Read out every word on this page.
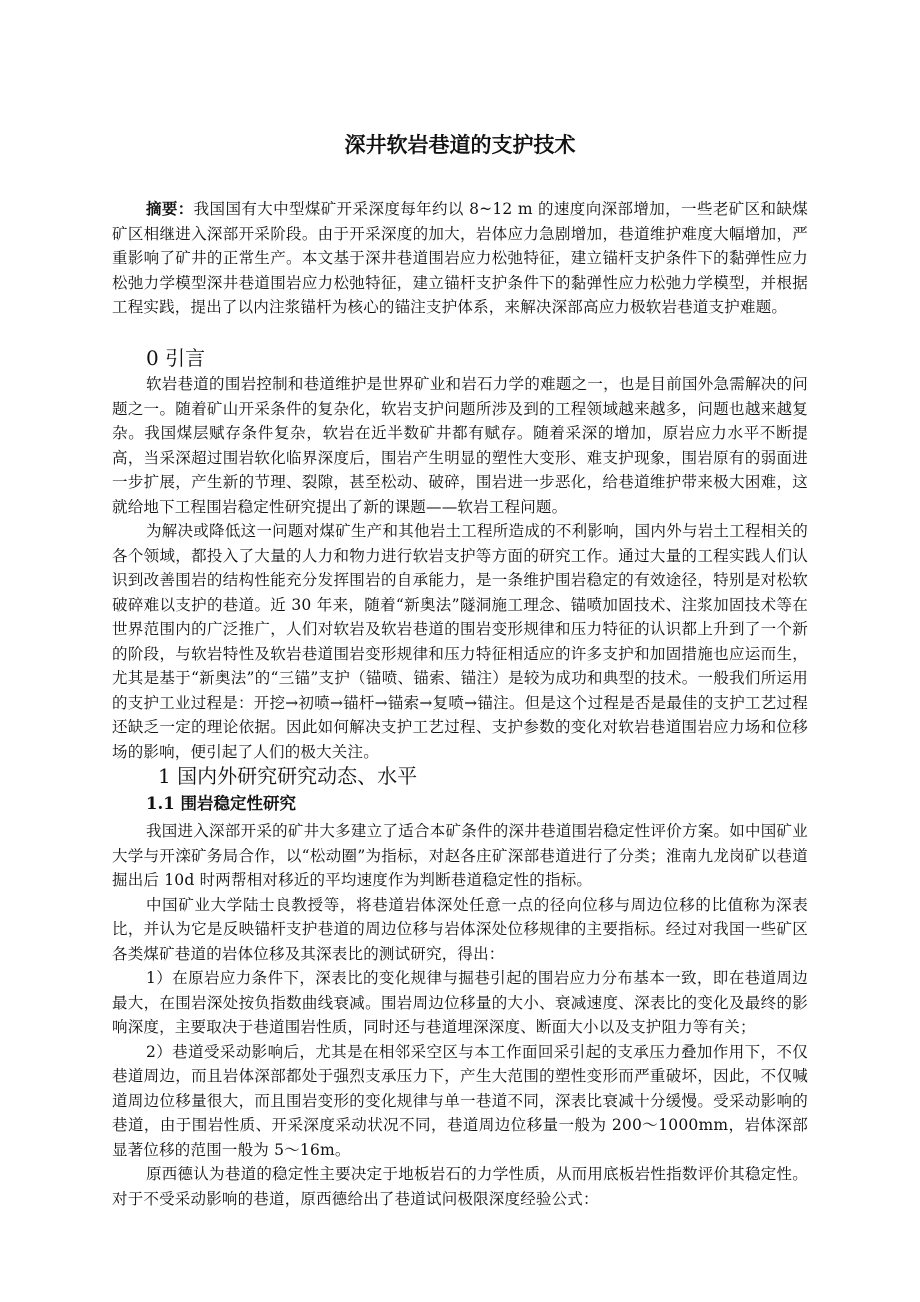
深井软岩巷道的支护技术
摘要：我国国有大中型煤矿开采深度每年约以 8~12 m 的速度向深部增加，一些老矿区和缺煤矿区相继进入深部开采阶段。由于开采深度的加大，岩体应力急剧增加，巷道维护难度大幅增加，严重影响了矿井的正常生产。本文基于深井巷道围岩应力松弛特征，建立锚杆支护条件下的黏弹性应力松弛力学模型深井巷道围岩应力松弛特征，建立锚杆支护条件下的黏弹性应力松弛力学模型，并根据工程实践，提出了以内注浆锚杆为核心的锚注支护体系，来解决深部高应力极软岩巷道支护难题。
0 引言

软岩巷道的围岩控制和巷道维护是世界矿业和岩石力学的难题之一，也是目前国外急需解决的问题之一。随着矿山开采条件的复杂化，软岩支护问题所涉及到的工程领域越来越多，问题也越来越复杂。我国煤层赋存条件复杂，软岩在近半数矿井都有赋存。随着采深的增加，原岩应力水平不断提高，当采深超过围岩软化临界深度后，围岩产生明显的塑性大变形、难支护现象，围岩原有的弱面进一步扩展，产生新的节理、裂隙，甚至松动、破碎，围岩进一步恶化，给巷道维护带来极大困难，这就给地下工程围岩稳定性研究提出了新的课题——软岩工程问题。

为解决或降低这一问题对煤矿生产和其他岩土工程所造成的不利影响，国内外与岩土工程相关的各个领域，都投入了大量的人力和物力进行软岩支护等方面的研究工作。通过大量的工程实践人们认识到改善围岩的结构性能充分发挥围岩的自承能力，是一条维护围岩稳定的有效途径，特别是对松软破碎难以支护的巷道。近 30 年来，随着“新奥法”隧洞施工理念、锚喷加固技术、注浆加固技术等在世界范围内的广泛推广，人们对软岩及软岩巷道的围岩变形规律和压力特征的认识都上升到了一个新的阶段，与软岩特性及软岩巷道围岩变形规律和压力特征相适应的许多支护和加固措施也应运而生，尤其是基于“新奥法”的“三锚”支护（锚喷、锚索、锚注）是较为成功和典型的技术。一般我们所运用的支护工业过程是：开挖→初喷→锚杆→锚索→复喷→锚注。但是这个过程是否是最佳的支护工艺过程还缺乏一定的理论依据。因此如何解决支护工艺过程、支护参数的变化对软岩巷道围岩应力场和位移场的影响，便引起了人们的极大关注。

1 国内外研究研究动态、水平
1.1 围岩稳定性研究

我国进入深部开采的矿井大多建立了适合本矿条件的深井巷道围岩稳定性评价方案。如中国矿业大学与开滦矿务局合作，以“松动圈”为指标，对赵各庄矿深部巷道进行了分类；淮南九龙岗矿以巷道掘出后 10d 时两帮相对移近的平均速度作为判断巷道稳定性的指标。

中国矿业大学陆士良教授等，将巷道岩体深处任意一点的径向位移与周边位移的比值称为深表比，并认为它是反映锚杆支护巷道的周边位移与岩体深处位移规律的主要指标。经过对我国一些矿区各类煤矿巷道的岩体位移及其深表比的测试研究，得出：

1）在原岩应力条件下，深表比的变化规律与掘巷引起的围岩应力分布基本一致，即在巷道周边最大，在围岩深处按负指数曲线衰减。围岩周边位移量的大小、衰减速度、深表比的变化及最终的影响深度，主要取决于巷道围岩性质，同时还与巷道埋深深度、断面大小以及支护阻力等有关；

2）巷道受采动影响后，尤其是在相邻采空区与本工作面回采引起的支承压力叠加作用下，不仅巷道周边，而且岩体深部都处于强烈支承压力下，产生大范围的塑性变形而严重破坏，因此，不仅喊道周边位移量很大，而且围岩变形的变化规律与单一巷道不同，深表比衰减十分缓慢。受采动影响的巷道，由于围岩性质、开采深度采动状况不同，巷道周边位移量一般为 200～1000mm，岩体深部显著位移的范围一般为 5～16m。

原西德认为巷道的稳定性主要决定于地板岩石的力学性质，从而用底板岩性指数评价其稳定性。对于不受采动影响的巷道，原西德给出了巷道试问极限深度经验公式：
